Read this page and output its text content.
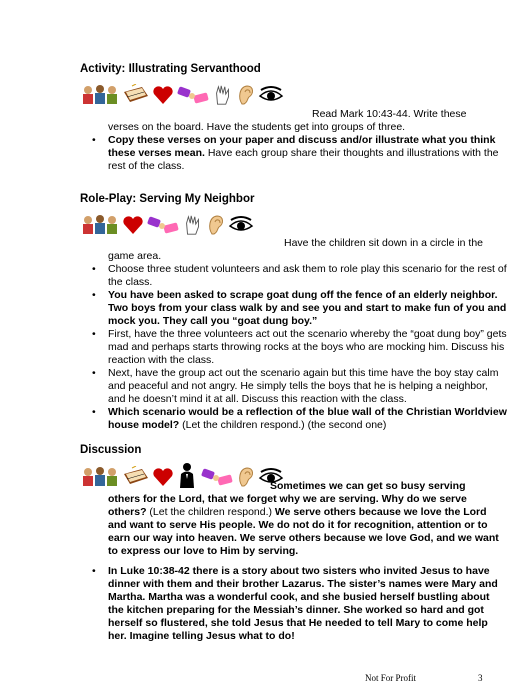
Activity: Illustrating Servanthood
Read Mark 10:43-44. Write these
verses on the board. Have the students get into groups of three.
• Copy these verses on your paper and discuss and/or illustrate what you think these verses mean. Have each group share their thoughts and illustrations with the rest of the class.
Role-Play: Serving My Neighbor
Have the children sit down in a circle in the
game area.
• Choose three student volunteers and ask them to role play this scenario for the rest of the class.
• You have been asked to scrape goat dung off the fence of an elderly neighbor. Two boys from your class walk by and see you and start to make fun of you and mock you. They call you “goat dung boy.”
• First, have the three volunteers act out the scenario whereby the “goat dung boy” gets mad and perhaps starts throwing rocks at the boys who are mocking him. Discuss his reaction with the class.
• Next, have the group act out the scenario again but this time have the boy stay calm and peaceful and not angry. He simply tells the boys that he is helping a neighbor, and he doesn’t mind it at all. Discuss this reaction with the class.
• Which scenario would be a reflection of the blue wall of the Christian Worldview house model? (Let the children respond.) (the second one)
Discussion
Sometimes we can get so busy serving
others for the Lord, that we forget why we are serving. Why do we serve others? (Let the children respond.) We serve others because we love the Lord and want to serve His people. We do not do it for recognition, attention or to earn our way into heaven. We serve others because we love God, and we want to express our love to Him by serving.
• In Luke 10:38-42 there is a story about two sisters who invited Jesus to have dinner with them and their brother Lazarus. The sister’s names were Mary and Martha. Martha was a wonderful cook, and she busied herself bustling about the kitchen preparing for the Messiah’s dinner. She worked so hard and got herself so flustered, she told Jesus that He needed to tell Mary to come help her. Imagine telling Jesus what to do!
Not For Profit	3
